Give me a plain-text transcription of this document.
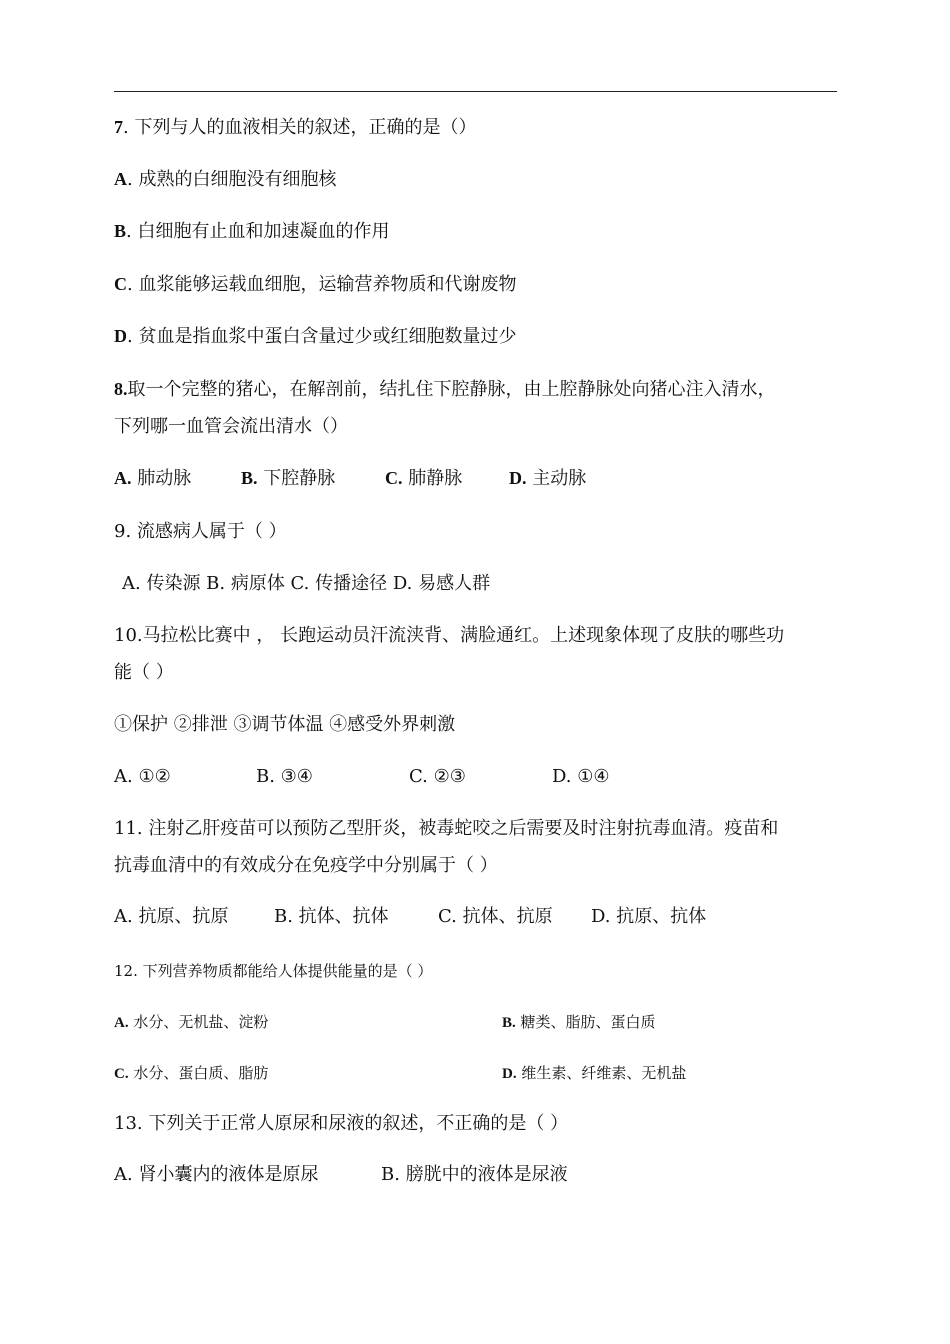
7. 下列与人的血液相关的叙述，正确的是（）
A. 成熟的白细胞没有细胞核
B. 白细胞有止血和加速凝血的作用
C. 血浆能够运载血细胞，运输营养物质和代谢废物
D. 贫血是指血浆中蛋白含量过少或红细胞数量过少
8.取一个完整的猪心，在解剖前，结扎住下腔静脉，由上腔静脉处向猪心注入清水，
下列哪一血管会流出清水（）
A. 肺动脉	B. 下腔静脉	C. 肺静脉	D. 主动脉
9. 流感病人属于（ ）
A. 传染源 B. 病原体 C. 传播途径 D. 易感人群
10.马拉松比赛中 ， 长跑运动员汗流浃背、满脸通红。上述现象体现了皮肤的哪些功
能（ ）
①保护 ②排泄 ③调节体温 ④感受外界刺激
A. ①②	B. ③④	C. ②③	D. ①④
11. 注射乙肝疫苗可以预防乙型肝炎，被毒蛇咬之后需要及时注射抗毒血清。疫苗和
抗毒血清中的有效成分在免疫学中分别属于（ ）
A. 抗原、抗原	B. 抗体、抗体	C. 抗体、抗原 D. 抗原、抗体
12. 下列营养物质都能给人体提供能量的是（ ）
A. 水分、无机盐、淀粉	B. 糖类、脂肪、蛋白质
C. 水分、蛋白质、脂肪	D. 维生素、纤维素、无机盐
13. 下列关于正常人原尿和尿液的叙述，不正确的是（ ）
A. 肾小囊内的液体是原尿	B. 膀胱中的液体是尿液
